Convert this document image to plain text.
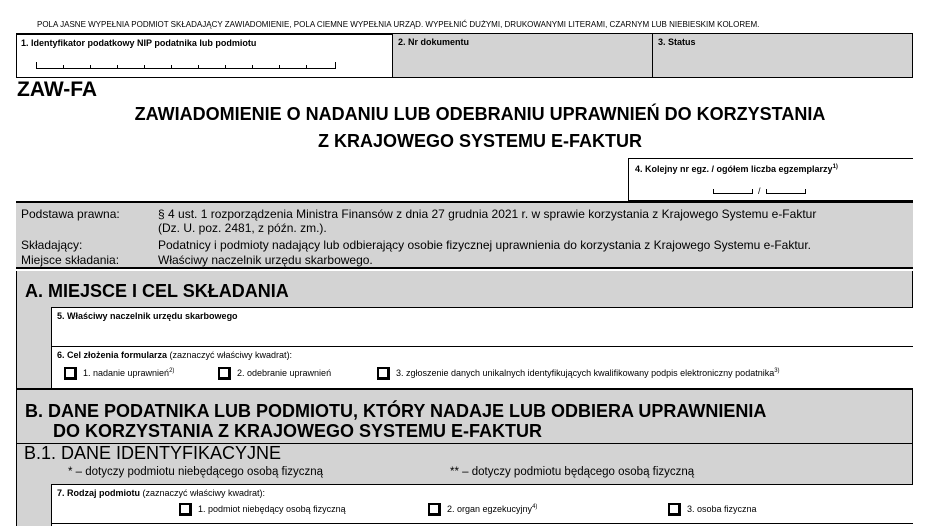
POLA JASNE WYPEŁNIA PODMIOT SKŁADAJĄCY ZAWIADOMIENIE, POLA CIEMNE WYPEŁNIA URZĄD. WYPEŁNIĆ DUŻYMI, DRUKOWANYMI LITERAMI, CZARNYM LUB NIEBIESKIM KOLOREM.
1. Identyfikator podatkowy NIP podatnika lub podmiotu	2. Nr dokumentu	3. Status
ZAW-FA
ZAWIADOMIENIE O NADANIU LUB ODEBRANIU UPRAWNIEŃ DO KORZYSTANIA
Z KRAJOWEGO SYSTEMU E-FAKTUR
4. Kolejny nr egz. / ogółem liczba egzemplarzy$^{1)}$
/
Podstawa prawna:	§ 4 ust. 1 rozporządzenia Ministra Finansów z dnia 27 grudnia 2021 r. w sprawie korzystania z Krajowego Systemu e-Faktur
(Dz. U. poz. 2481, z późn. zm.).
Składający:	Podatnicy i podmioty nadający lub odbierający osobie fizycznej uprawnienia do korzystania z Krajowego Systemu e-Faktur.
Miejsce składania:	Właściwy naczelnik urzędu skarbowego.
A. MIEJSCE I CEL SKŁADANIA
5. Właściwy naczelnik urzędu skarbowego
6. Cel złożenia formularza (zaznaczyć właściwy kwadrat):
1. nadanie uprawnień$^{2)}$	2. odebranie uprawnień	3. zgłoszenie danych unikalnych identyfikujących kwalifikowany podpis elektroniczny podatnika$^{3)}$
B. DANE PODATNIKA LUB PODMIOTU, KTÓRY NADAJE LUB ODBIERA UPRAWNIENIA
DO KORZYSTANIA Z KRAJOWEGO SYSTEMU E-FAKTUR
B.1. DANE IDENTYFIKACYJNE
* – dotyczy podmiotu niebędącego osobą fizyczną	** – dotyczy podmiotu będącego osobą fizyczną
7. Rodzaj podmiotu (zaznaczyć właściwy kwadrat):
1. podmiot niebędący osobą fizyczną	2. organ egzekucyjny$^{4)}$	3. osoba fizyczna
